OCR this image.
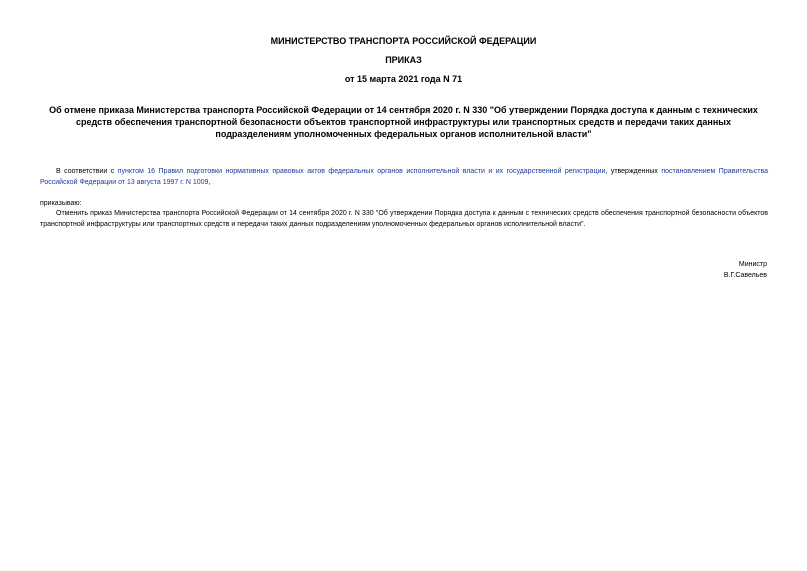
МИНИСТЕРСТВО ТРАНСПОРТА РОССИЙСКОЙ ФЕДЕРАЦИИ
ПРИКАЗ
от 15 марта 2021 года N 71
Об отмене приказа Министерства транспорта Российской Федерации от 14 сентября 2020 г. N 330 "Об утверждении Порядка доступа к данным с технических средств обеспечения транспортной безопасности объектов транспортной инфраструктуры или транспортных средств и передачи таких данных подразделениям уполномоченных федеральных органов исполнительной власти"
В соответствии с пунктом 16 Правил подготовки нормативных правовых актов федеральных органов исполнительной власти и их государственной регистрации, утвержденных постановлением Правительства Российской Федерации от 13 августа 1997 г. N 1009,
приказываю:
Отменить приказ Министерства транспорта Российской Федерации от 14 сентября 2020 г. N 330 "Об утверждении Порядка доступа к данным с технических средств обеспечения транспортной безопасности объектов транспортной инфраструктуры или транспортных средств и передачи таких данных подразделениям уполномоченных федеральных органов исполнительной власти".
Министр
В.Г.Савельев
